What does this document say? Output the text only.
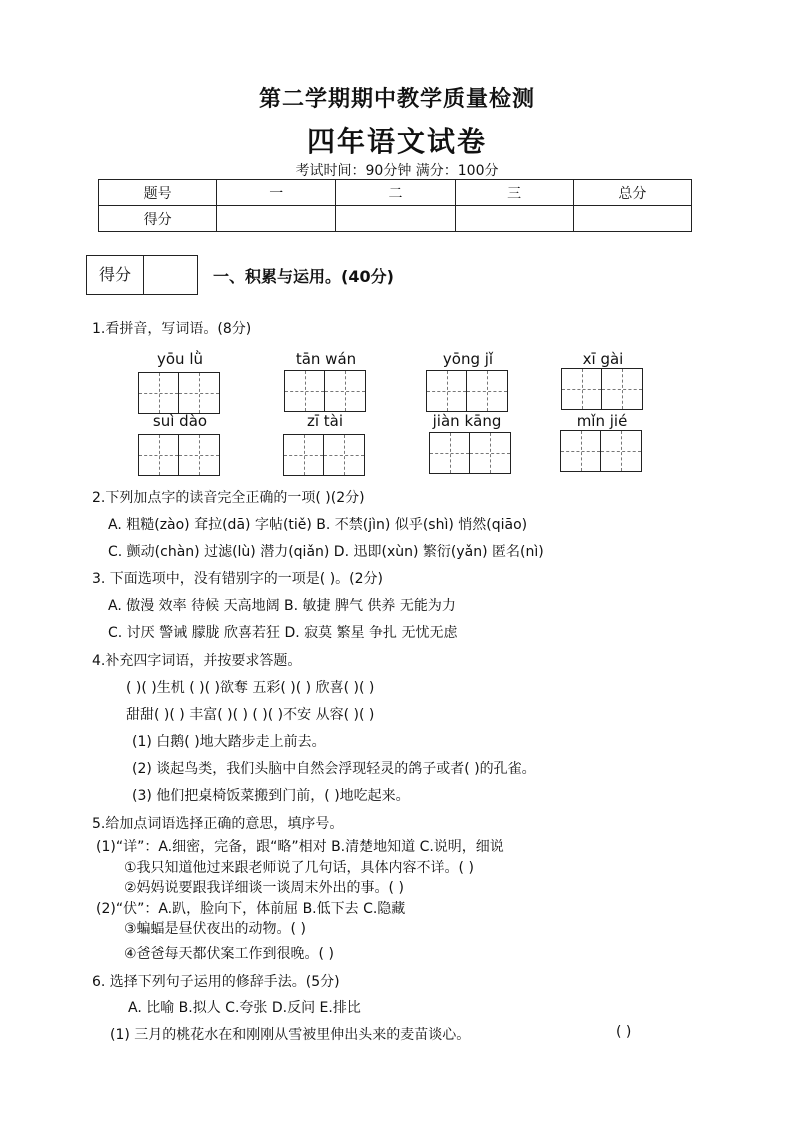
第二学期期中教学质量检测
四年语文试卷
考试时间：90分钟 满分：100分
题号	一	二	三	总分
得分				
得分	一、积累与运用。(40分)
1.看拼音，写词语。(8分)
yōu lǜ	tān wán	yōng jǐ	xī gài
suì dào	zī tài	jiàn kāng	mǐn jié
2.下列加点字的读音完全正确的一项( )(2分)
A. 粗糙(zào) 耷拉(dā) 字帖(tiě) B. 不禁(jìn) 似乎(shì) 悄然(qiāo)
C. 颤动(chàn) 过滤(lù) 潜力(qiǎn) D. 迅即(xùn) 繁衍(yǎn) 匿名(nì)
3. 下面选项中，没有错别字的一项是( )。(2分)
A. 傲漫 效率 待候 天高地阔 B. 敏捷 脾气 供养 无能为力
C. 讨厌 警诫 朦胧 欣喜若狂 D. 寂莫 繁星 争扎 无忧无虑
4.补充四字词语，并按要求答题。
( )( )生机 ( )( )欲奪 五彩( )( ) 欣喜( )( )
甜甜( )( ) 丰富( )( ) ( )( )不安 从容( )( )
(1) 白鹅( )地大踏步走上前去。
(2) 谈起鸟类，我们头脑中自然会浮现轻灵的鸽子或者( )的孔雀。
(3) 他们把桌椅饭菜搬到门前，( )地吃起来。
5.给加点词语选择正确的意思，填序号。
(1)“详”：A.细密，完备，跟“略”相对 B.清楚地知道 C.说明，细说
①我只知道他过来跟老师说了几句话，具体内容不详。( )
②妈妈说要跟我详细谈一谈周末外出的事。( )
(2)“伏”：A.趴，脸向下，体前屈 B.低下去 C.隐藏
③蝙蝠是昼伏夜出的动物。( )
④爸爸每天都伏案工作到很晚。( )
6. 选择下列句子运用的修辞手法。(5分)
A. 比喻 B.拟人 C.夸张 D.反问 E.排比
(1) 三月的桃花水在和刚刚从雪被里伸出头来的麦苗谈心。	( )
